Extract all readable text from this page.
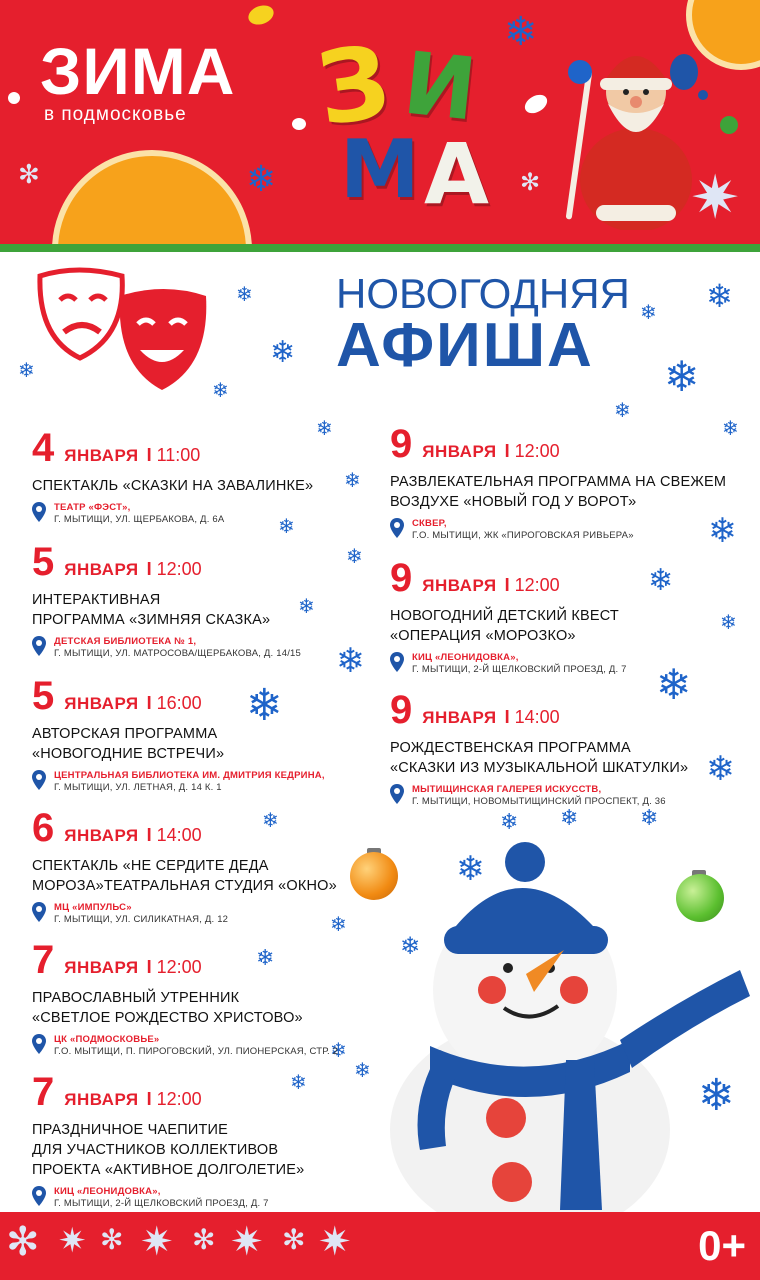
ЗИМА
в подмосковье
❄
❄
✻	✻ ✷
З И
М А
НОВОГОДНЯЯ
АФИША
❄
❄
❄
❄
❄
❄
❄
❄
❄
❄
❄
❄
❄
❄
❄
❄
❄
❄
❄
❄
❄
❄	❄ ❄	❄
❄
❄
❄
❄
❄
❄
❄	❄
4 ЯНВАРЯ I 11:00
СПЕКТАКЛЬ «СКАЗКИ НА ЗАВАЛИНКЕ»
ТЕАТР «ФЭСТ»,
Г. МЫТИЩИ, УЛ. ЩЕРБАКОВА, Д. 6А
5 ЯНВАРЯ I 12:00
ИНТЕРАКТИВНАЯ
ПРОГРАММА «ЗИМНЯЯ СКАЗКА»
ДЕТСКАЯ БИБЛИОТЕКА № 1,
Г. МЫТИЩИ, УЛ. МАТРОСОВА/ЩЕРБАКОВА, Д. 14/15
5 ЯНВАРЯ I 16:00
АВТОРСКАЯ ПРОГРАММА
«НОВОГОДНИЕ ВСТРЕЧИ»
ЦЕНТРАЛЬНАЯ БИБЛИОТЕКА ИМ. ДМИТРИЯ КЕДРИНА,
Г. МЫТИЩИ, УЛ. ЛЕТНАЯ, Д. 14 К. 1
6 ЯНВАРЯ I 14:00
СПЕКТАКЛЬ «НЕ СЕРДИТЕ ДЕДА
МОРОЗА»ТЕАТРАЛЬНАЯ СТУДИЯ «ОКНО»
МЦ «ИМПУЛЬС»
Г. МЫТИЩИ, УЛ. СИЛИКАТНАЯ, Д. 12
7 ЯНВАРЯ I 12:00
ПРАВОСЛАВНЫЙ УТРЕННИК
«СВЕТЛОЕ РОЖДЕСТВО ХРИСТОВО»
ЦК «ПОДМОСКОВЬЕ»
Г.О. МЫТИЩИ, П. ПИРОГОВСКИЙ, УЛ. ПИОНЕРСКАЯ, СТР. 2
7 ЯНВАРЯ I 12:00
ПРАЗДНИЧНОЕ ЧАЕПИТИЕ
ДЛЯ УЧАСТНИКОВ КОЛЛЕКТИВОВ
ПРОЕКТА «АКТИВНОЕ ДОЛГОЛЕТИЕ»
КИЦ «ЛЕОНИДОВКА»,
Г. МЫТИЩИ, 2-Й ЩЕЛКОВСКИЙ ПРОЕЗД, Д. 7
9 ЯНВАРЯ I 12:00
РАЗВЛЕКАТЕЛЬНАЯ ПРОГРАММА НА СВЕЖЕМ
ВОЗДУХЕ «НОВЫЙ ГОД У ВОРОТ»
СКВЕР,
Г.О. МЫТИЩИ, ЖК «ПИРОГОВСКАЯ РИВЬЕРА»
9 ЯНВАРЯ I 12:00
НОВОГОДНИЙ ДЕТСКИЙ КВЕСТ
«ОПЕРАЦИЯ «МОРОЗКО»
КИЦ «ЛЕОНИДОВКА»,
Г. МЫТИЩИ, 2-Й ЩЕЛКОВСКИЙ ПРОЕЗД, Д. 7
9 ЯНВАРЯ I 14:00
РОЖДЕСТВЕНСКАЯ ПРОГРАММА
«СКАЗКИ ИЗ МУЗЫКАЛЬНОЙ ШКАТУЛКИ»
МЫТИЩИНСКАЯ ГАЛЕРЕЯ ИСКУССТВ,
Г. МЫТИЩИ, НОВОМЫТИЩИНСКИЙ ПРОСПЕКТ, Д. 36
✻ ✷ ✻ ✷ ✻ ✷ ✻ ✷	0+
